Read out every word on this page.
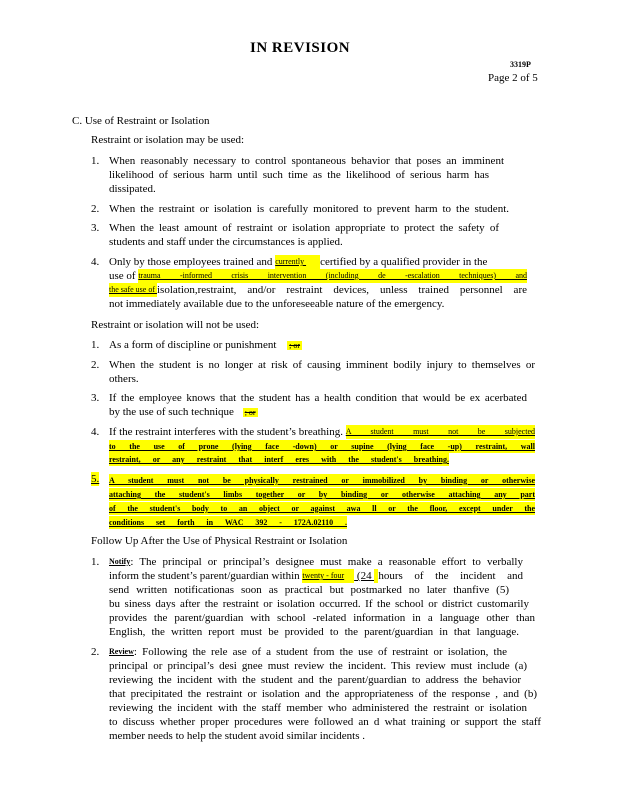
IN REVISION
3319P
Page 2 of 5
C. Use of Restraint or Isolation
Restraint or isolation may be used:
1. When reasonably necessary to control spontaneous behavior that poses an imminent
likelihood of serious harm until such time as the likelihood of serious harm has
dissipated.
2. When the restraint or isolation is carefully monitored to prevent harm to the student.
3. When the least amount of restraint or isolation appropriate to protect the safety of
students and staff under the circumstances is applied.
4. Only by those employees trained and currently	certified by a qualified provider in the
use of trauma -informed crisis intervention (including de -escalation techniques) and
the safe use of isolation,restraint, and/or restraint devices, unless trained personnel are
not immediately available due to the unforeseeable nature of the emergency.
Restraint or isolation will not be used:
1. As a form of discipline or punishment ; or
2. When the student is no longer at risk of causing imminent bodily injury to themselves or
others.
3. If the employee knows that the student has a health condition that would be ex acerbated
by the use of such technique ; or
4. If the restraint interferes with the student’s breathing. A student must not be subjected
to the use of prone (lying face -down) or supine (lying face -up) restraint, wall
restraint, or any restraint that interf eres with the student's breathing.
5. A student must not be physically restrained or immobilized by binding or otherwise
attaching the student's limbs together or by binding or otherwise attaching any part
of the student's body to an object or against awa ll or the floor, except under the
conditions set forth in WAC 392 - 172A.02110 .
Follow Up After the Use of Physical Restraint or Isolation
1. Notify : The principal or principal’s designee must make a reasonable effort to verbally
inform the student’s parent/guardian within twenty - four (24
hours of the incident and
send written notificationas soon as practical but postmarked no later thanfive (5)
bu siness days after the restraint or isolation occurred. If the school or district customarily
provides the parent/guardian with school -related information in a language other than
English, the written report must be provided to the parent/guardian in that language.
2. Review : Following the rele ase of a student from the use of restraint or isolation, the
principal or principal’s desi gnee must review the incident. This review must include (a)
reviewing the incident with the student and the parent/guardian to address the behavior
that precipitated the restraint or isolation and the appropriateness of the response , and (b)
reviewing the incident with the staff member who administered the restraint or isolation
to discuss whether proper procedures were followed an d what training or support the staff
member needs to help the student avoid similar incidents .
